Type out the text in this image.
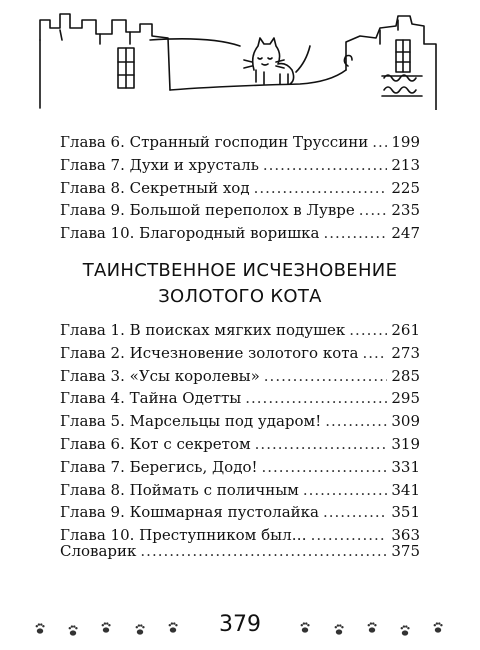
Глава 6. Странный господин Труссини ..... 199
Глава 7. Духи и хрусталь .....	213
Глава 8. Секретный ход .....	225
Глава 9. Большой переполох в Лувре ..... 235
Глава 10. Благородный воришка .....	247
ТАИНСТВЕННОЕ ИСЧЕЗНОВЕНИЕ
ЗОЛОТОГО КОТА
Глава 1. В поисках мягких подушек .....	261
Глава 2. Исчезновение золотого кота ..... 273
Глава 3. «Усы королевы» .....	285
Глава 4. Тайна Одетты .....	295
Глава 5. Марсельцы под ударом! .....	309
Глава 6. Кот с секретом .....	319
Глава 7. Берегись, Додо! .....	331
Глава 8. Поймать с поличным .....	341
Глава 9. Кошмарная пустолайка .....	351
Глава 10. Преступником был… .....	363
Словарик .....	375
379
